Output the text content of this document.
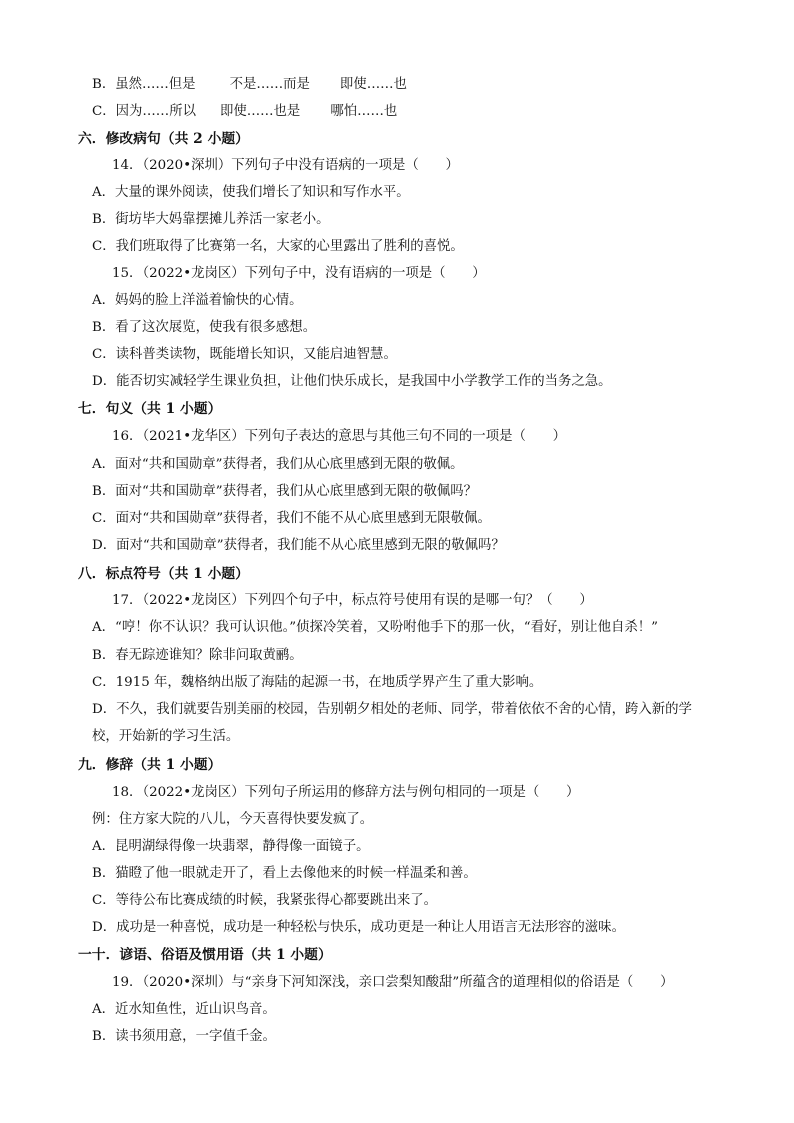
B．虽然……但是	不是……而是 即使……也
C．因为……所以 即使……也是 哪怕……也
六．修改病句（共 2 小题）
14．（2020•深圳）下列句子中没有语病的一项是（　　）
A．大量的课外阅读，使我们增长了知识和写作水平。
B．街坊毕大妈靠摆摊儿养活一家老小。
C．我们班取得了比赛第一名，大家的心里露出了胜利的喜悦。
15．（2022•龙岗区）下列句子中，没有语病的一项是（　　）
A．妈妈的脸上洋溢着愉快的心情。
B．看了这次展览，使我有很多感想。
C．读科普类读物，既能增长知识，又能启迪智慧。
D．能否切实减轻学生课业负担，让他们快乐成长，是我国中小学教学工作的当务之急。
七．句义（共 1 小题）
16．（2021•龙华区）下列句子表达的意思与其他三句不同的一项是（　　）
A．面对“共和国勋章”获得者，我们从心底里感到无限的敬佩。
B．面对“共和国勋章”获得者，我们从心底里感到无限的敬佩吗？
C．面对“共和国勋章”获得者，我们不能不从心底里感到无限敬佩。
D．面对“共和国勋章”获得者，我们能不从心底里感到无限的敬佩吗？
八．标点符号（共 1 小题）
17．（2022•龙岗区）下列四个句子中，标点符号使用有误的是哪一句？（　　）
A．“哼！你不认识？我可认识他。”侦探冷笑着，又吩咐他手下的那一伙，“看好，别让他自杀！”
B．春无踪迹谁知？除非问取黄鹂。
C．1915 年，魏格纳出版了海陆的起源一书，在地质学界产生了重大影响。
D．不久，我们就要告别美丽的校园，告别朝夕相处的老师、同学，带着依依不舍的心情，跨入新的学
校，开始新的学习生活。
九．修辞（共 1 小题）
18．（2022•龙岗区）下列句子所运用的修辞方法与例句相同的一项是（　　）
例：住方家大院的八儿，今天喜得快要发疯了。
A．昆明湖绿得像一块翡翠，静得像一面镜子。
B．猫瞪了他一眼就走开了，看上去像他来的时候一样温柔和善。
C．等待公布比赛成绩的时候，我紧张得心都要跳出来了。
D．成功是一种喜悦，成功是一种轻松与快乐，成功更是一种让人用语言无法形容的滋味。
一十．谚语、俗语及惯用语（共 1 小题）
19．（2020•深圳）与“亲身下河知深浅，亲口尝梨知酸甜”所蕴含的道理相似的俗语是（　　）
A．近水知鱼性，近山识鸟音。
B．读书须用意，一字值千金。
